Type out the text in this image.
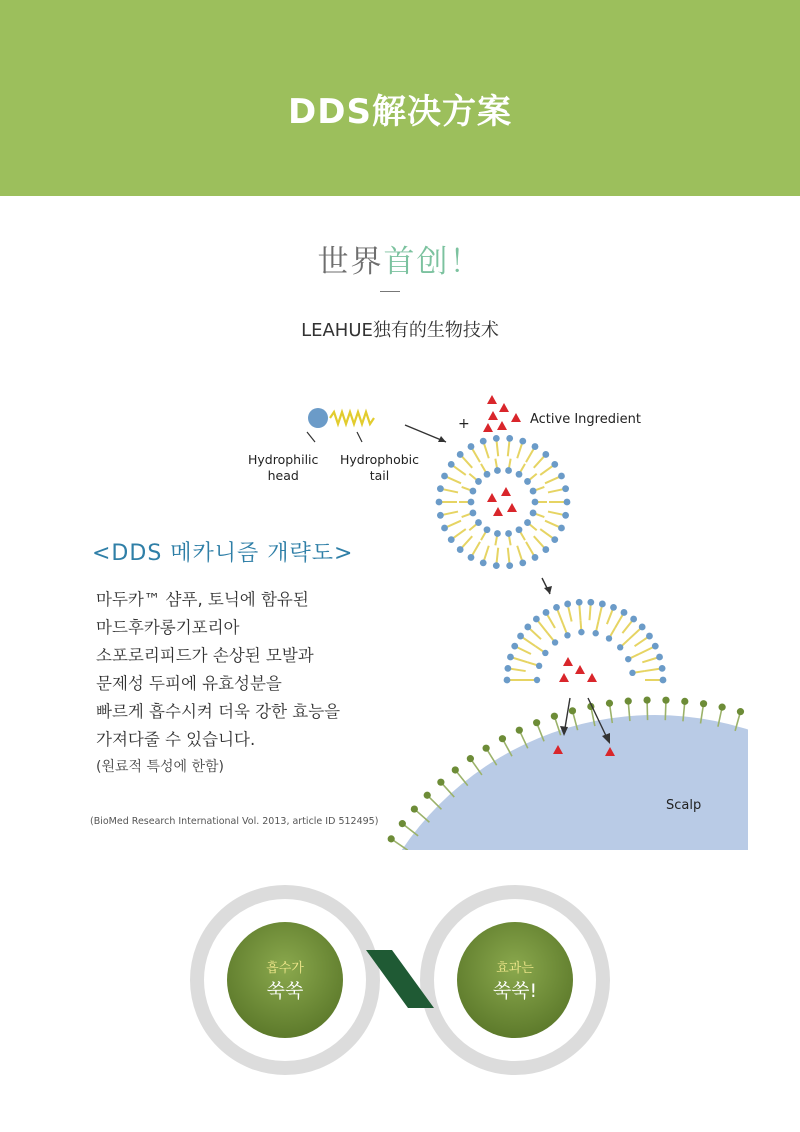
DDS解决方案
世界首创！
LEAHUE独有的生物技术
Hydrophilic
head
Hydrophobic
tail
+	Active Ingredient
Scalp
<DDS 메카니즘 개략도>
마두카™ 샴푸, 토닉에 함유된
마드후카롱기포리아
소포로리피드가 손상된 모발과
문제성 두피에 유효성분을
빠르게 흡수시켜 더욱 강한 효능을
가져다줄 수 있습니다.
(원료적 특성에 한함)
(BioMed Research International Vol. 2013, article ID 512495)
흡수가
쑥쑥
효과는
쑥쑥!
